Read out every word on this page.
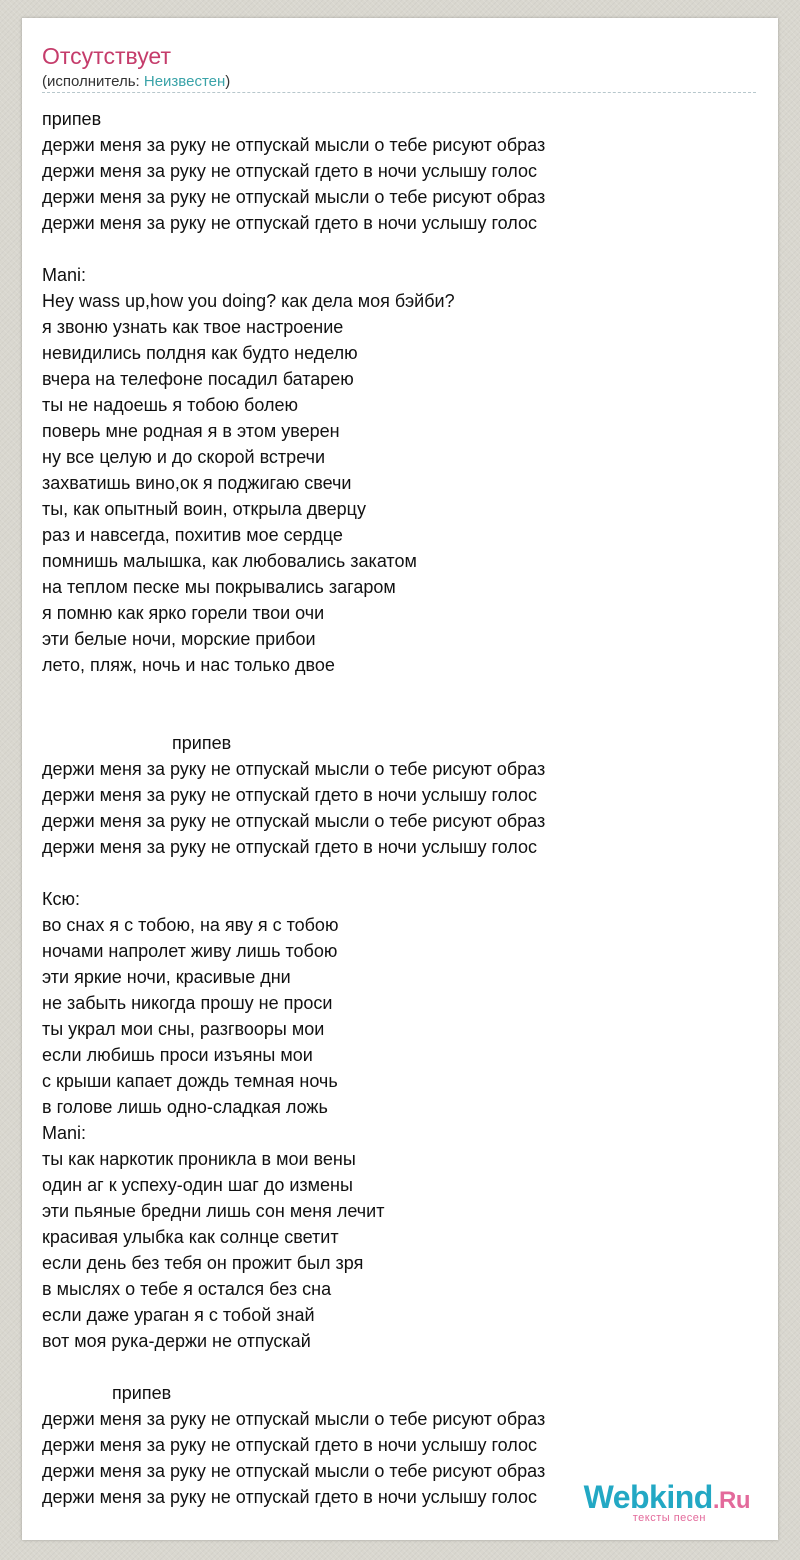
Отсутствует
(исполнитель: Неизвестен)
припев
держи меня за руку не отпускай мысли о тебе рисуют образ
держи меня за руку не отпускай гдето в ночи услышу голос
держи меня за руку не отпускай мысли о тебе рисуют образ
держи меня за руку не отпускай гдето в ночи услышу голос
Mani:
Hey wass up,how you doing? как дела моя бэйби?
я звоню узнать как твое настроение
невидились полдня как будто неделю
вчера на телефоне посадил батарею
ты не надоешь я тобою болею
поверь мне родная я в этом уверен
ну все целую и до скорой встречи
захватишь вино,ок я поджигаю свечи
ты, как опытный воин, открыла дверцу
раз и навсегда, похитив мое сердце
помнишь малышка, как любовались закатом
на теплом песке мы покрывались загаром
я помню как ярко горели твои очи
эти белые ночи, морские прибои
лето, пляж, ночь и нас только двое
припев
держи меня за руку не отпускай мысли о тебе рисуют образ
держи меня за руку не отпускай гдето в ночи услышу голос
держи меня за руку не отпускай мысли о тебе рисуют образ
держи меня за руку не отпускай гдето в ночи услышу голос
Ксю:
во снах я с тобою, на яву я с тобою
ночами напролет живу лишь тобою
эти яркие ночи, красивые дни
не забыть никогда прошу не проси
ты украл мои сны, разгвооры мои
если любишь проси изъяны мои
с крыши капает дождь темная ночь
в голове лишь одно-сладкая ложь
Mani:
ты как наркотик проникла в мои вены
один аг к успеху-один шаг до измены
эти пьяные бредни лишь сон меня лечит
красивая улыбка как солнце светит
если день без тебя он прожит был зря
в мыслях о тебе я остался без сна
если даже ураган я с тобой знай
вот моя рука-держи не отпускай
припев
держи меня за руку не отпускай мысли о тебе рисуют образ
держи меня за руку не отпускай гдето в ночи услышу голос
держи меня за руку не отпускай мысли о тебе рисуют образ
держи меня за руку не отпускай гдето в ночи услышу голос	Webkind.Ru
тексты песен
